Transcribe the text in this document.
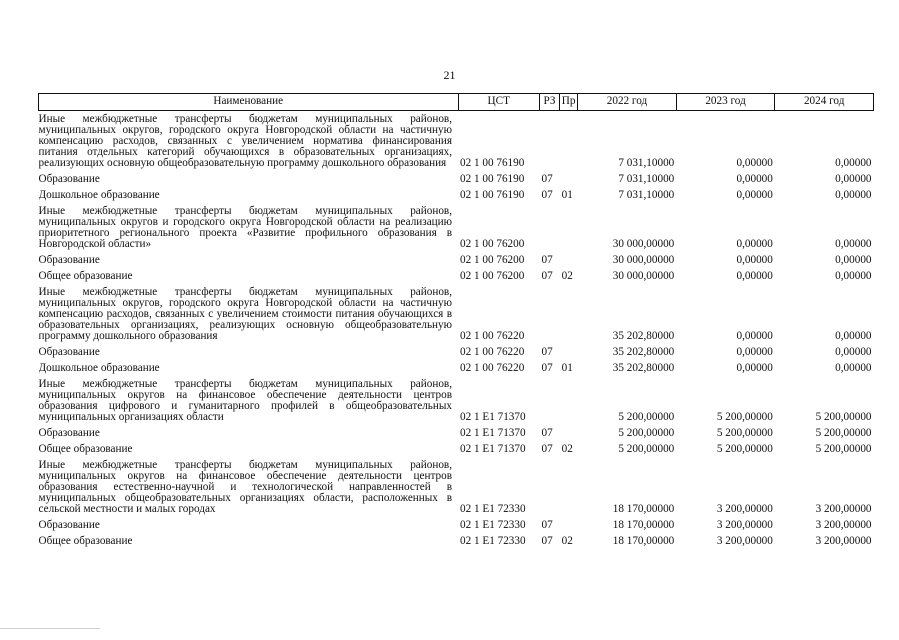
21
Наименование	ЦСТ	РЗ	Пр	2022 год	2023 год	2024 год
Иные межбюджетные трансферты бюджетам муниципальных районов, муниципальных округов, городского округа Новгородской области на частичную компенсацию расходов, связанных с увеличением норматива финансирования питания отдельных категорий обучающихся в образовательных организациях, реализующих основную общеобразовательную программу дошкольного образования	02 1 00 76190			7 031,10000	0,00000	0,00000
Образование	02 1 00 76190	07		7 031,10000	0,00000	0,00000
Дошкольное образование	02 1 00 76190	07	01	7 031,10000	0,00000	0,00000
Иные межбюджетные трансферты бюджетам муниципальных районов, муниципальных округов и городского округа Новгородской области на реализацию приоритетного регионального проекта «Развитие профильного образования в Новгородской области»	02 1 00 76200			30 000,00000	0,00000	0,00000
Образование	02 1 00 76200	07		30 000,00000	0,00000	0,00000
Общее образование	02 1 00 76200	07	02	30 000,00000	0,00000	0,00000
Иные межбюджетные трансферты бюджетам муниципальных районов, муниципальных округов, городского округа Новгородской области на частичную компенсацию расходов, связанных с увеличением стоимости питания обучающихся в образовательных организациях, реализующих основную общеобразовательную программу дошкольного образования	02 1 00 76220			35 202,80000	0,00000	0,00000
Образование	02 1 00 76220	07		35 202,80000	0,00000	0,00000
Дошкольное образование	02 1 00 76220	07	01	35 202,80000	0,00000	0,00000
Иные межбюджетные трансферты бюджетам муниципальных районов, муниципальных округов на финансовое обеспечение деятельности центров образования цифрового и гуманитарного профилей в общеобразовательных муниципальных организациях области	02 1 E1 71370			5 200,00000	5 200,00000	5 200,00000
Образование	02 1 E1 71370	07		5 200,00000	5 200,00000	5 200,00000
Общее образование	02 1 E1 71370	07	02	5 200,00000	5 200,00000	5 200,00000
Иные межбюджетные трансферты бюджетам муниципальных районов, муниципальных округов на финансовое обеспечение деятельности центров образования естественно-научной и технологической направленностей в муниципальных общеобразовательных организациях области, расположенных в сельской местности и малых городах	02 1 E1 72330			18 170,00000	3 200,00000	3 200,00000
Образование	02 1 E1 72330	07		18 170,00000	3 200,00000	3 200,00000
Общее образование	02 1 E1 72330	07	02	18 170,00000	3 200,00000	3 200,00000
